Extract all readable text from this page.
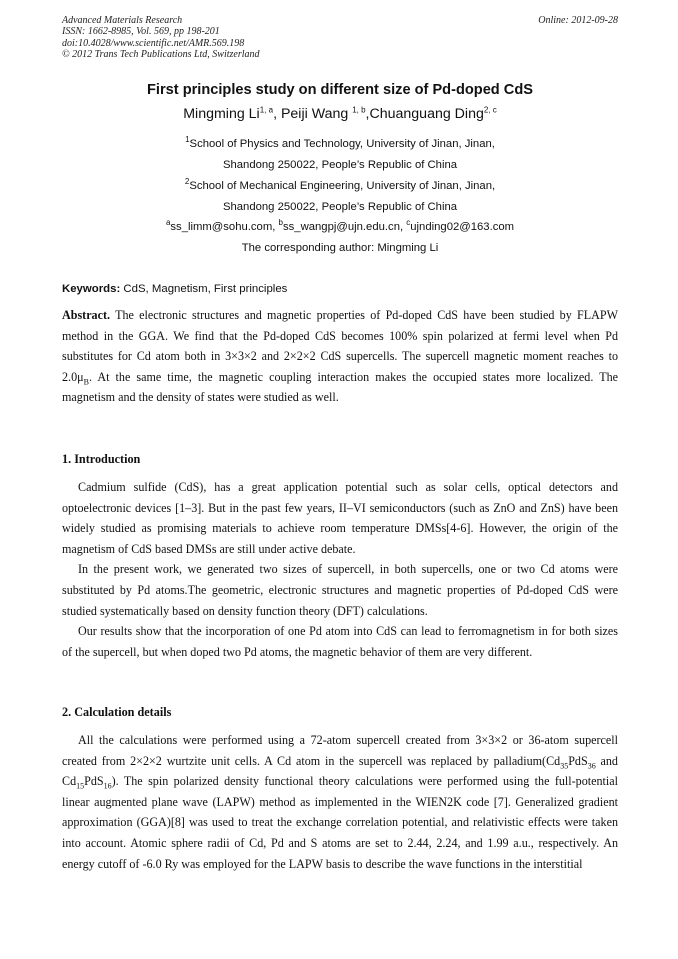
Advanced Materials Research
ISSN: 1662-8985, Vol. 569, pp 198-201
doi:10.4028/www.scientific.net/AMR.569.198
© 2012 Trans Tech Publications Ltd, Switzerland
Online: 2012-09-28
First principles study on different size of Pd-doped CdS
Mingming Li$^{1, a}$, Peiji Wang $^{1, b}$,Chuanguang Ding$^{2, c}$
$^1$School of Physics and Technology, University of Jinan, Jinan,
Shandong 250022, People’s Republic of China
$^2$School of Mechanical Engineering, University of Jinan, Jinan,
Shandong 250022, People’s Republic of China
$^a$ss_limm@sohu.com, $^b$ss_wangpj@ujn.edu.cn, $^c$ujnding02@163.com
The corresponding author: Mingming Li
Keywords: CdS, Magnetism, First principles

Abstract. The electronic structures and magnetic properties of Pd-doped CdS have been studied by FLAPW method in the GGA. We find that the Pd-doped CdS becomes 100% spin polarized at fermi level when Pd substitutes for Cd atom both in 3×3×2 and 2×2×2 CdS supercells. The supercell magnetic moment reaches to $2.0\mu_B$. At the same time, the magnetic coupling interaction makes the occupied states more localized. The magnetism and the density of states were studied as well.

1. Introduction

Cadmium sulfide (CdS), has a great application potential such as solar cells, optical detectors and optoelectronic devices [1–3]. But in the past few years, II–VI semiconductors (such as ZnO and ZnS) have been widely studied as promising materials to achieve room temperature DMSs[4-6]. However, the origin of the magnetism of CdS based DMSs are still under active debate.

In the present work, we generated two sizes of supercell, in both supercells, one or two Cd atoms were substituted by Pd atoms.The geometric, electronic structures and magnetic properties of Pd-doped CdS were studied systematically based on density function theory (DFT) calculations.

Our results show that the incorporation of one Pd atom into CdS can lead to ferromagnetism in for both sizes of the supercell, but when doped two Pd atoms, the magnetic behavior of them are very different.

2. Calculation details

All the calculations were performed using a 72-atom supercell created from 3×3×2 or 36-atom supercell created from 2×2×2 wurtzite unit cells. A Cd atom in the supercell was replaced by $palladium(Cd_{35}PdS_{36}$ and $Cd_{15}PdS_{16}$). The spin polarized density functional theory calculations were performed using the full-potential linear augmented plane wave (LAPW) method as implemented in the WIEN2K code [7]. Generalized gradient approximation (GGA)[8] was used to treat the exchange correlation potential, and relativistic effects were taken into account. Atomic sphere radii of Cd, Pd and S atoms are set to 2.44, 2.24, and 1.99 a.u., respectively. An energy cutoff of -6.0 Ry was employed for the LAPW basis to describe the wave functions in the interstitial
